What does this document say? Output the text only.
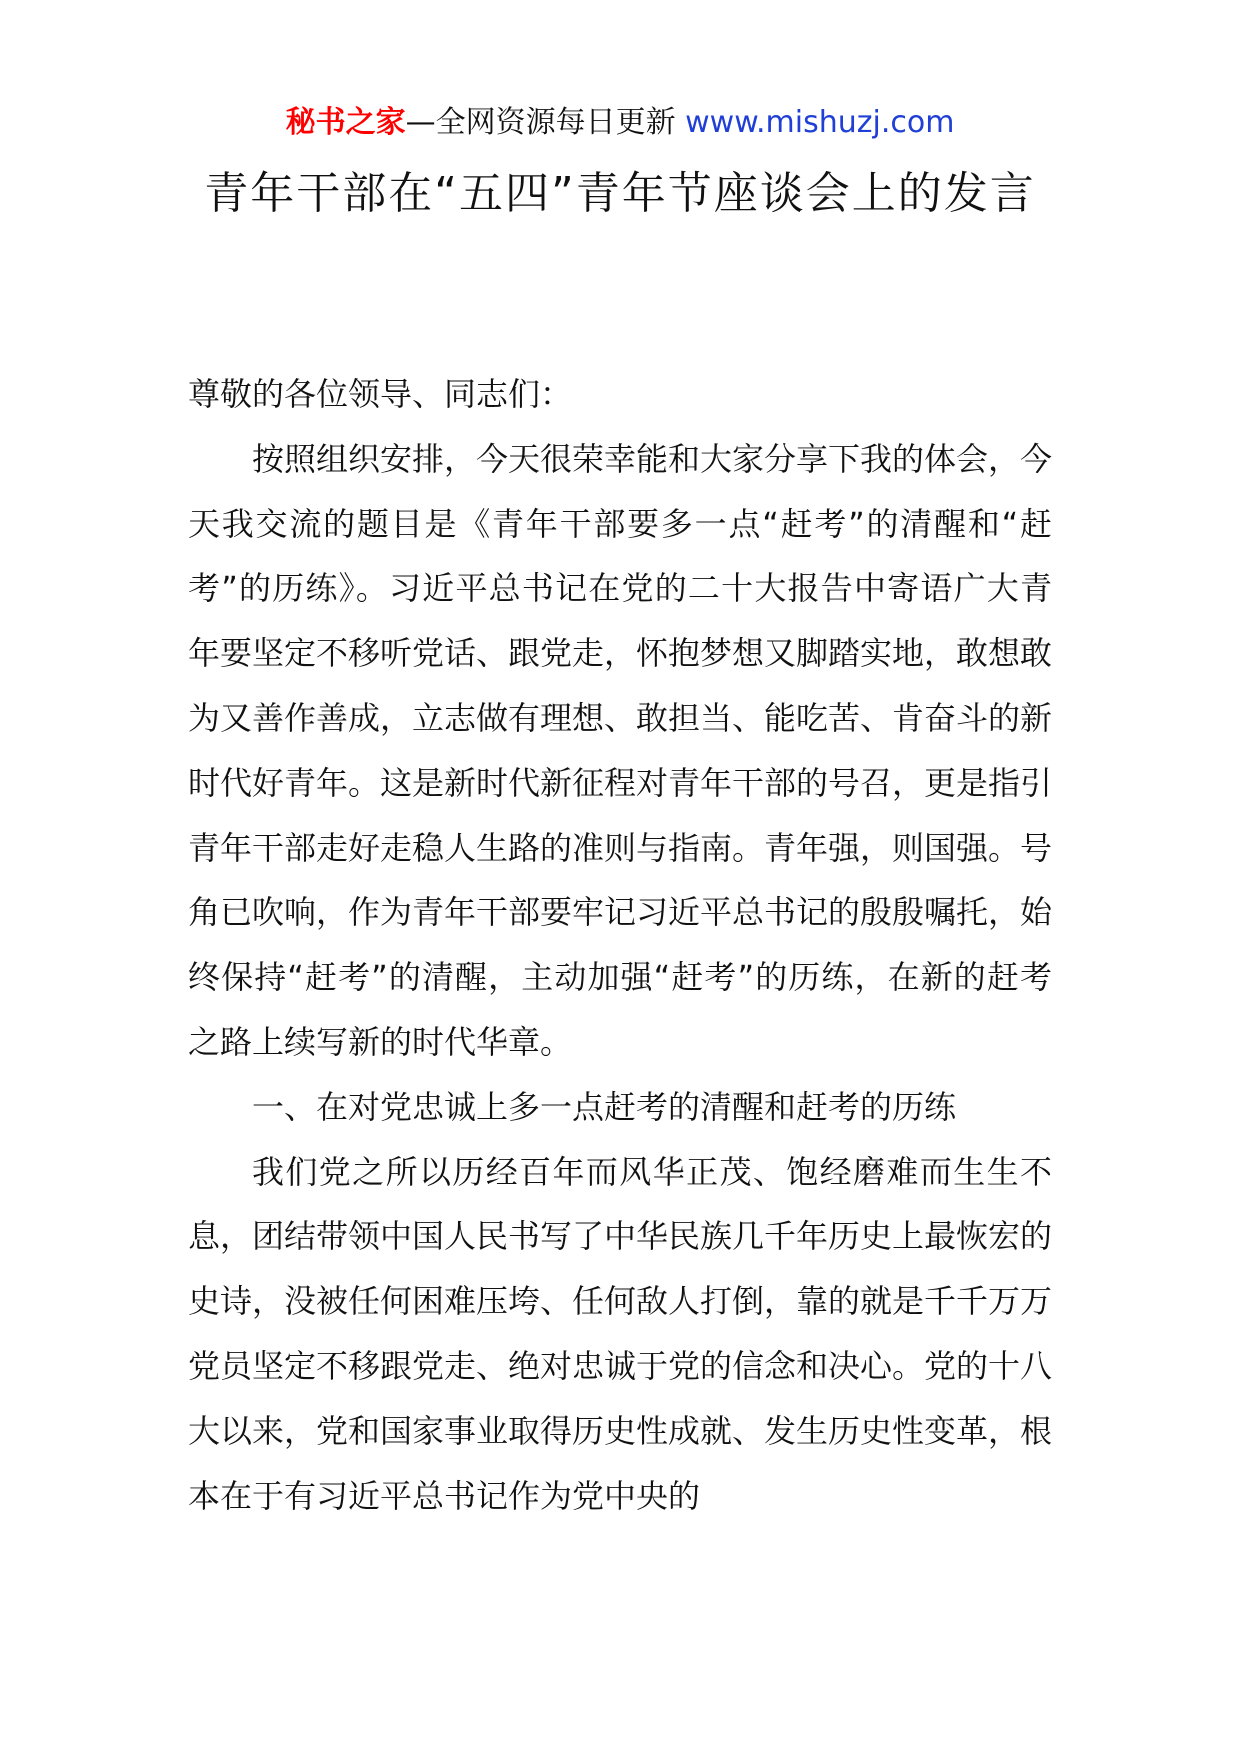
秘书之家—全网资源每日更新 www.mishuzj.com
青年干部在“五四”青年节座谈会上的发言

尊敬的各位领导、同志们：

按照组织安排，今天很荣幸能和大家分享下我的体会，今天我交流的题目是《青年干部要多一点“赶考”的清醒和“赶考”的历练》。习近平总书记在党的二十大报告中寄语广大青年要坚定不移听党话、跟党走，怀抱梦想又脚踏实地，敢想敢为又善作善成，立志做有理想、敢担当、能吃苦、肯奋斗的新时代好青年。这是新时代新征程对青年干部的号召，更是指引青年干部走好走稳人生路的准则与指南。青年强，则国强。号角已吹响，作为青年干部要牢记习近平总书记的殷殷嘱托，始终保持“赶考”的清醒，主动加强“赶考”的历练，在新的赶考之路上续写新的时代华章。

一、在对党忠诚上多一点赶考的清醒和赶考的历练

我们党之所以历经百年而风华正茂、饱经磨难而生生不息，团结带领中国人民书写了中华民族几千年历史上最恢宏的史诗，没被任何困难压垮、任何敌人打倒，靠的就是千千万万党员坚定不移跟党走、绝对忠诚于党的信念和决心。党的十八大以来，党和国家事业取得历史性成就、发生历史性变革，根本在于有习近平总书记作为党中央的
